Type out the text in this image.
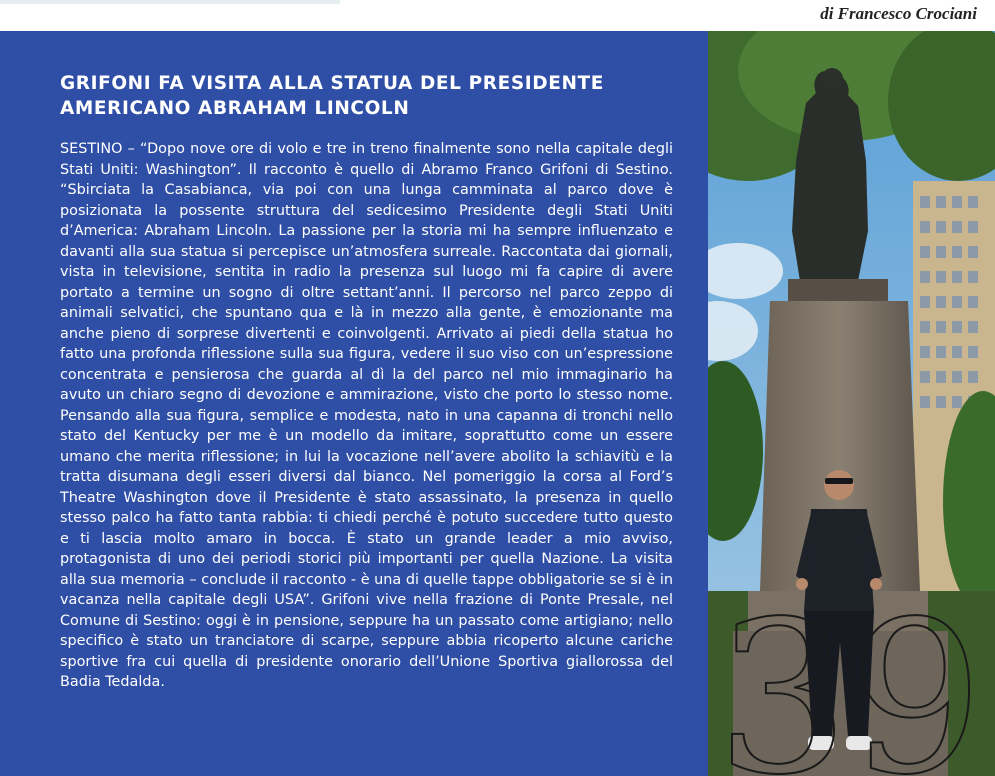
di Francesco Crociani
GRIFONI FA VISITA ALLA STATUA DEL PRESIDENTE AMERICANO ABRAHAM LINCOLN

SESTINO – “Dopo nove ore di volo e tre in treno finalmente sono nella capitale degli Stati Uniti: Washington”. Il racconto è quello di Abramo Franco Grifoni di Sestino. “Sbirciata la Casabianca, via poi con una lunga camminata al parco dove è posizionata la possente struttura del sedicesimo Presidente degli Stati Uniti d’America: Abraham Lincoln. La passione per la storia mi ha sempre influenzato e davanti alla sua statua si percepisce un’atmosfera surreale. Raccontata dai giornali, vista in televisione, sentita in radio la presenza sul luogo mi fa capire di avere portato a termine un sogno di oltre settant’anni. Il percorso nel parco zeppo di animali selvatici, che spuntano qua e là in mezzo alla gente, è emozionante ma anche pieno di sorprese divertenti e coinvolgenti. Arrivato ai piedi della statua ho fatto una profonda riflessione sulla sua figura, vedere il suo viso con un’espressione concentrata e pensierosa che guarda al dì la del parco nel mio immaginario ha avuto un chiaro segno di devozione e ammirazione, visto che porto lo stesso nome. Pensando alla sua figura, semplice e modesta, nato in una capanna di tronchi nello stato del Kentucky per me è un modello da imitare, soprattutto come un essere umano che merita riflessione; in lui la vocazione nell’avere abolito la schiavitù e la tratta disumana degli esseri diversi dal bianco. Nel pomeriggio la corsa al Ford’s Theatre Washington dove il Presidente è stato assassinato, la presenza in quello stesso palco ha fatto tanta rabbia: ti chiedi perché è potuto succedere tutto questo e ti lascia molto amaro in bocca. È stato un grande leader a mio avviso, protagonista di uno dei periodi storici più importanti per quella Nazione. La visita alla sua memoria – conclude il racconto - è una di quelle tappe obbligatorie se si è in vacanza nella capitale degli USA”. Grifoni vive nella frazione di Ponte Presale, nel Comune di Sestino: oggi è in pensione, seppure ha un passato come artigiano; nello specifico è stato un tranciatore di scarpe, seppure abbia ricoperto alcune cariche sportive fra cui quella di presidente onorario dell’Unione Sportiva giallorossa del Badia Tedalda.	39
